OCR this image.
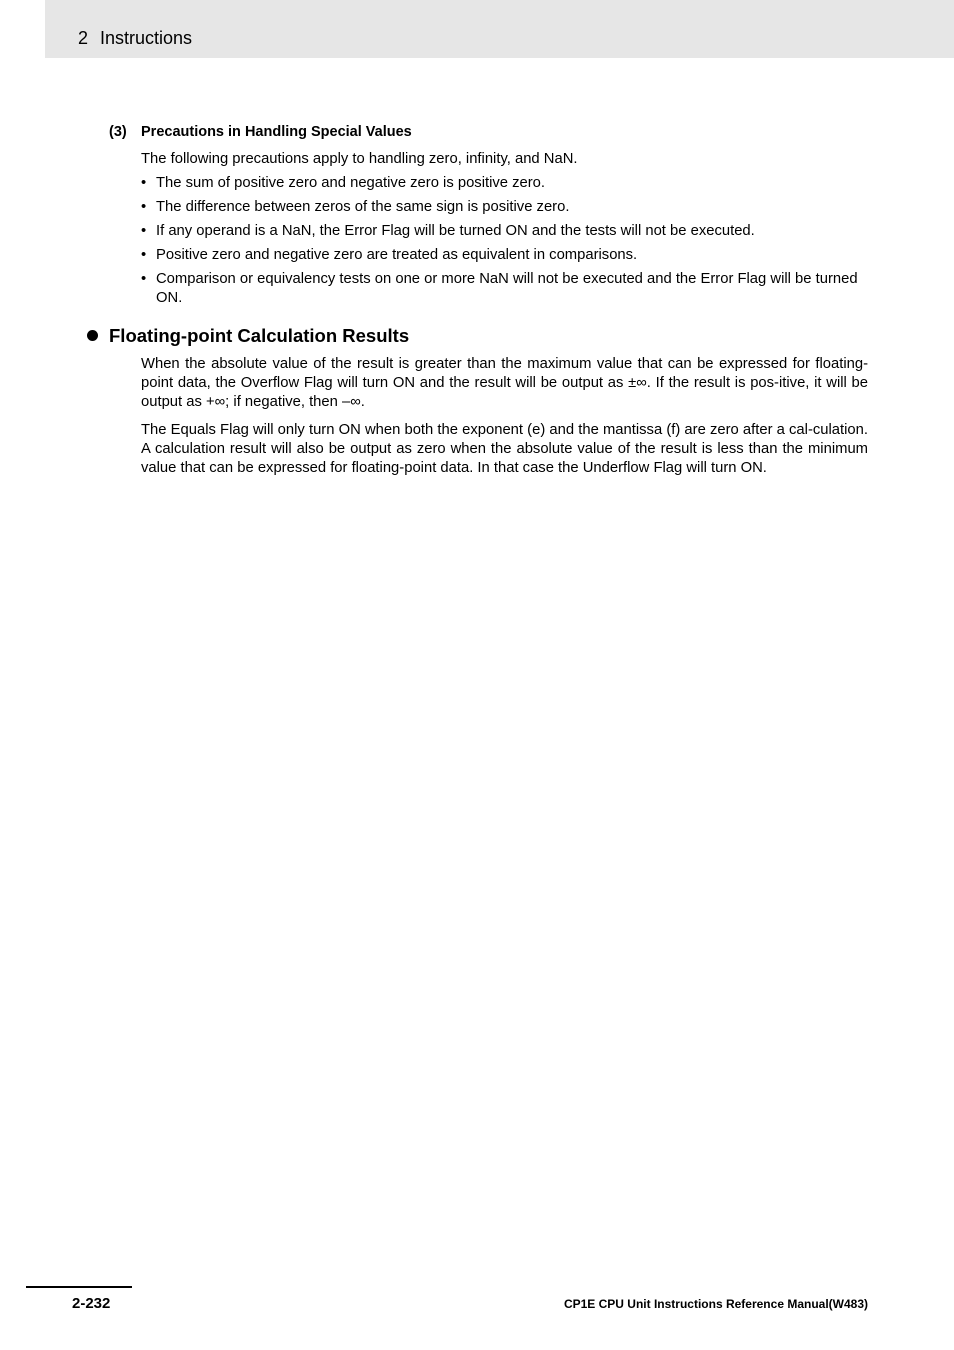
2 Instructions
(3) Precautions in Handling Special Values
The following precautions apply to handling zero, infinity, and NaN.
• The sum of positive zero and negative zero is positive zero.
• The difference between zeros of the same sign is positive zero.
• If any operand is a NaN, the Error Flag will be turned ON and the tests will not be executed.
• Positive zero and negative zero are treated as equivalent in comparisons.
• Comparison or equivalency tests on one or more NaN will not be executed and the Error Flag will be turned ON.
Floating-point Calculation Results
When the absolute value of the result is greater than the maximum value that can be expressed for floating-point data, the Overflow Flag will turn ON and the result will be output as ±∞. If the result is pos-itive, it will be output as +∞; if negative, then –∞.
The Equals Flag will only turn ON when both the exponent (e) and the mantissa (f) are zero after a cal-culation. A calculation result will also be output as zero when the absolute value of the result is less than the minimum value that can be expressed for floating-point data. In that case the Underflow Flag will turn ON.
2-232	CP1E CPU Unit Instructions Reference Manual(W483)
